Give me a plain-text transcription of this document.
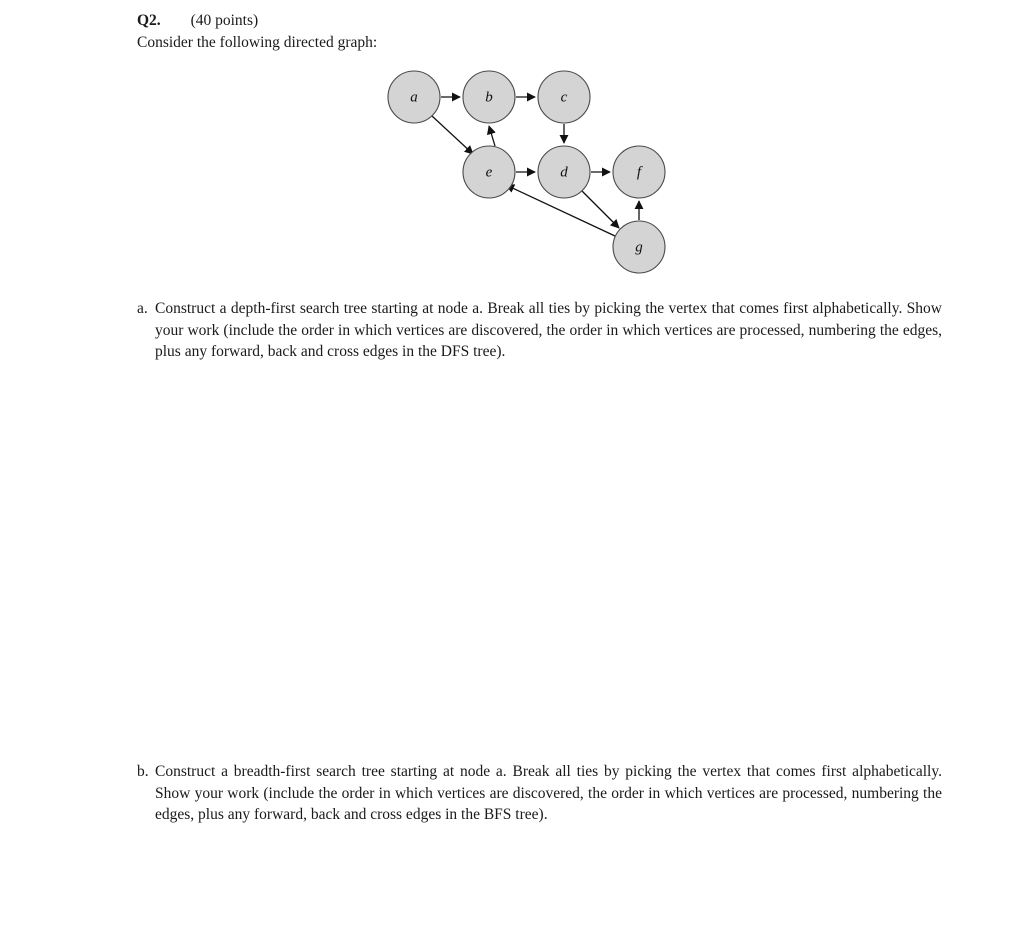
Q2. (40 points)
Consider the following directed graph:
a	b	c
e	d	f
g
a. Construct a depth-first search tree starting at node a. Break all ties by picking the vertex that comes first alphabetically. Show your work (include the order in which vertices are discovered, the order in which vertices are processed, numbering the edges, plus any forward, back and cross edges in the DFS tree).
b. Construct a breadth-first search tree starting at node a. Break all ties by picking the vertex that comes first alphabetically. Show your work (include the order in which vertices are discovered, the order in which vertices are processed, numbering the edges, plus any forward, back and cross edges in the BFS tree).
